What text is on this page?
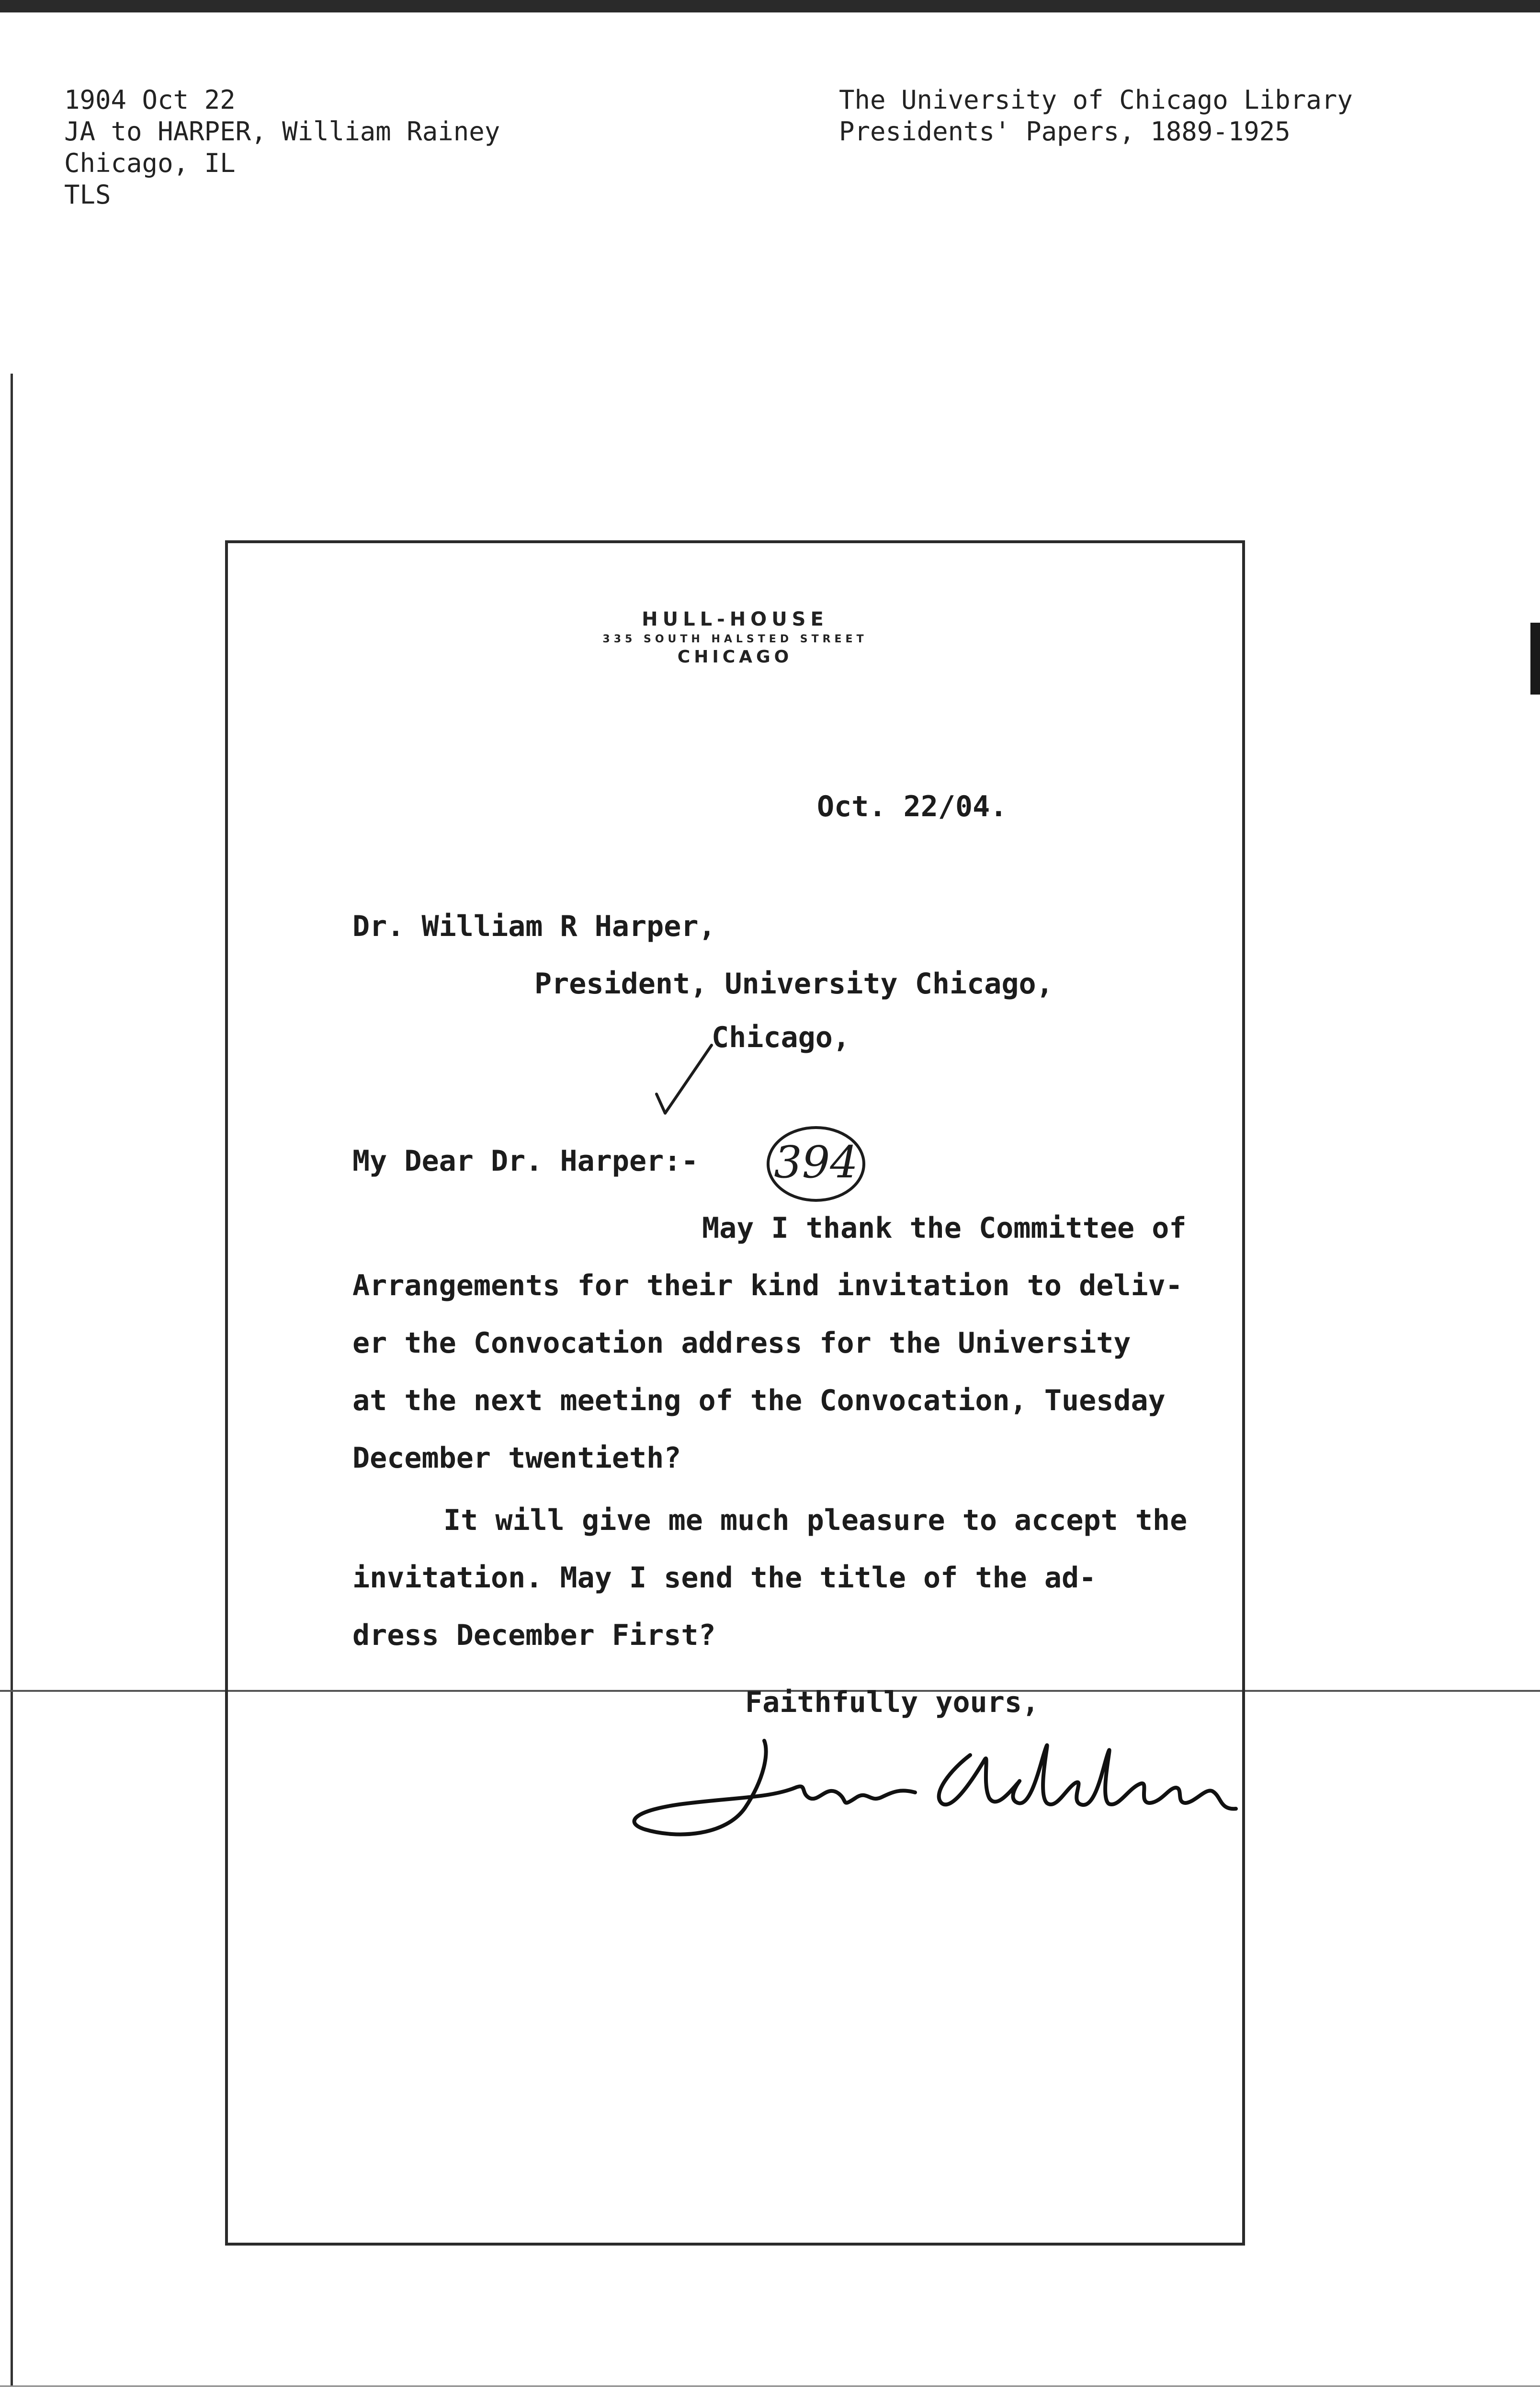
1904 Oct 22
JA to HARPER, William Rainey
Chicago, IL
TLS
The University of Chicago Library
Presidents' Papers, 1889-1925
HULL-HOUSE
335 SOUTH HALSTED STREET
CHICAGO
Oct. 22/04.
Dr. William R Harper,
President, University Chicago,
Chicago,
My Dear Dr. Harper:- 394
May I thank the Committee of
Arrangements for their kind invitation to deliv-
er the Convocation address for the University
at the next meeting of the Convocation, Tuesday
December twentieth?
It will give me much pleasure to accept the
invitation. May I send the title of the ad-
dress December First?
Faithfully yours,
